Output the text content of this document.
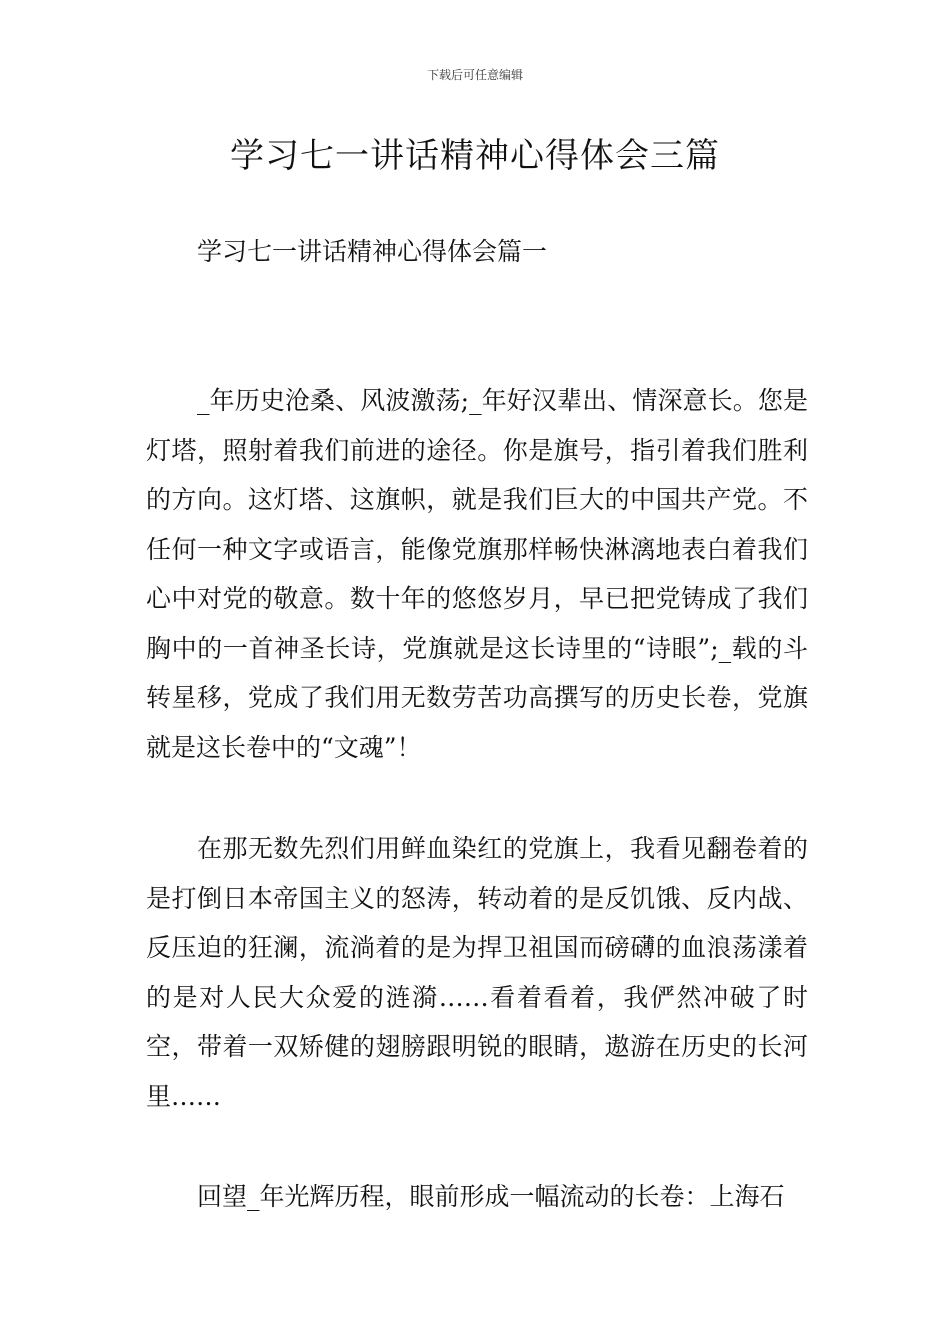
下载后可任意编辑
学习七一讲话精神心得体会三篇
学习七一讲话精神心得体会篇一

_年历史沧桑、风波激荡;_年好汉辈出、情深意长。您是灯塔，照射着我们前进的途径。你是旗号，指引着我们胜利的方向。这灯塔、这旗帜，就是我们巨大的中国共产党。不任何一种文字或语言，能像党旗那样畅快淋漓地表白着我们心中对党的敬意。数十年的悠悠岁月，早已把党铸成了我们胸中的一首神圣长诗，党旗就是这长诗里的“诗眼”;_载的斗转星移，党成了我们用无数劳苦功高撰写的历史长卷，党旗就是这长卷中的“文魂”！

在那无数先烈们用鲜血染红的党旗上，我看见翻卷着的是打倒日本帝国主义的怒涛，转动着的是反饥饿、反内战、反压迫的狂澜，流淌着的是为捍卫祖国而磅礴的血浪荡漾着的是对人民大众爱的涟漪……看着看着，我俨然冲破了时空，带着一双矫健的翅膀跟明锐的眼睛，遨游在历史的长河里……

回望_年光辉历程，眼前形成一幅流动的长卷：上海石
